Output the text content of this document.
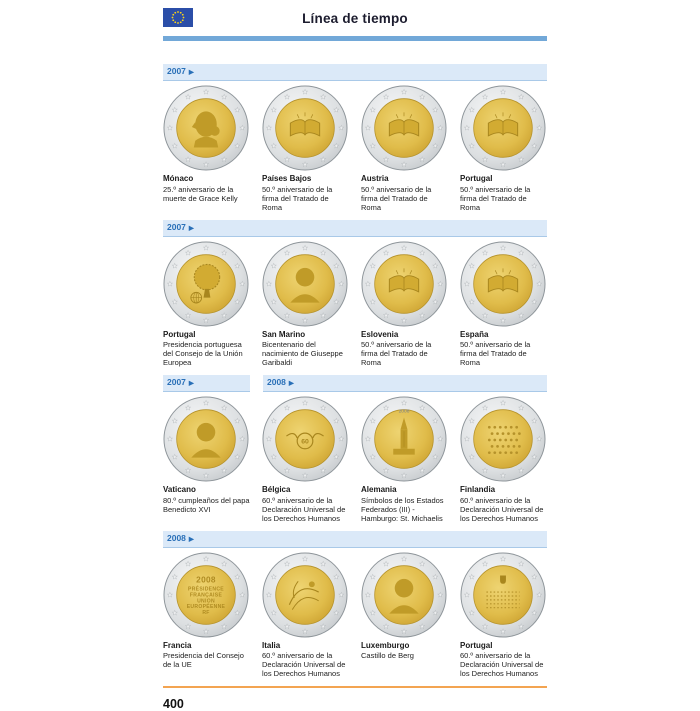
Línea de tiempo
2007 ▶
★
★
★
★
★
★
★
★
★
★
★
★
Mónaco
25.º aniversario de la muerte de Grace Kelly
★
★
★
★
★
★
★
★
★
★
★
★
Países Bajos
50.º aniversario de la firma del Tratado de Roma
★
★
★
★
★
★
★
★
★
★
★
★
Austria
50.º aniversario de la firma del Tratado de Roma
★
★
★
★
★
★
★
★
★
★
★
★
Portugal
50.º aniversario de la firma del Tratado de Roma
2007 ▶
★
★
★
★
★
★
★
★
★
★
★
★
Portugal
Presidencia portuguesa del Consejo de la Unión Europea
★
★
★
★
★
★
★
★
★
★
★
★
San Marino
Bicentenario del nacimiento de Giuseppe Garibaldi
★
★
★
★
★
★
★
★
★
★
★
★
Eslovenia
50.º aniversario de la firma del Tratado de Roma
★
★
★
★
★
★
★
★
★
★
★
★
España
50.º aniversario de la firma del Tratado de Roma
2007 ▶	2008 ▶
★
★
★
★
★
★
★
★
★
★
★
★
Vaticano
80.º cumpleaños del papa Benedicto XVI
★
★
★
★
★
★
★
★
★
★
★
★
60
Bélgica
60.º aniversario de la Declaración Universal de los Derechos Humanos
★
★
★
★
★
★
★
★
★
★
★
★
2008
Alemania
Símbolos de los Estados Federados (III) - Hamburgo: St. Michaelis
★
★
★
★
★
★
★
★
★
★
★
★
Finlandia
60.º aniversario de la Declaración Universal de los Derechos Humanos
2008 ▶
★
★
★
★
★
★
★
★
★
★
★
★
2008
PRÉSIDENCE
FRANÇAISE
UNION
EUROPÉENNE
RF
Francia
Presidencia del Consejo de la UE
★
★
★
★
★
★
★
★
★
★
★
★
Italia
60.º aniversario de la Declaración Universal de los Derechos Humanos
★
★
★
★
★
★
★
★
★
★
★
★
Luxemburgo
Castillo de Berg
★
★
★
★
★
★
★
★
★
★
★
★
Portugal
60.º aniversario de la Declaración Universal de los Derechos Humanos
400
